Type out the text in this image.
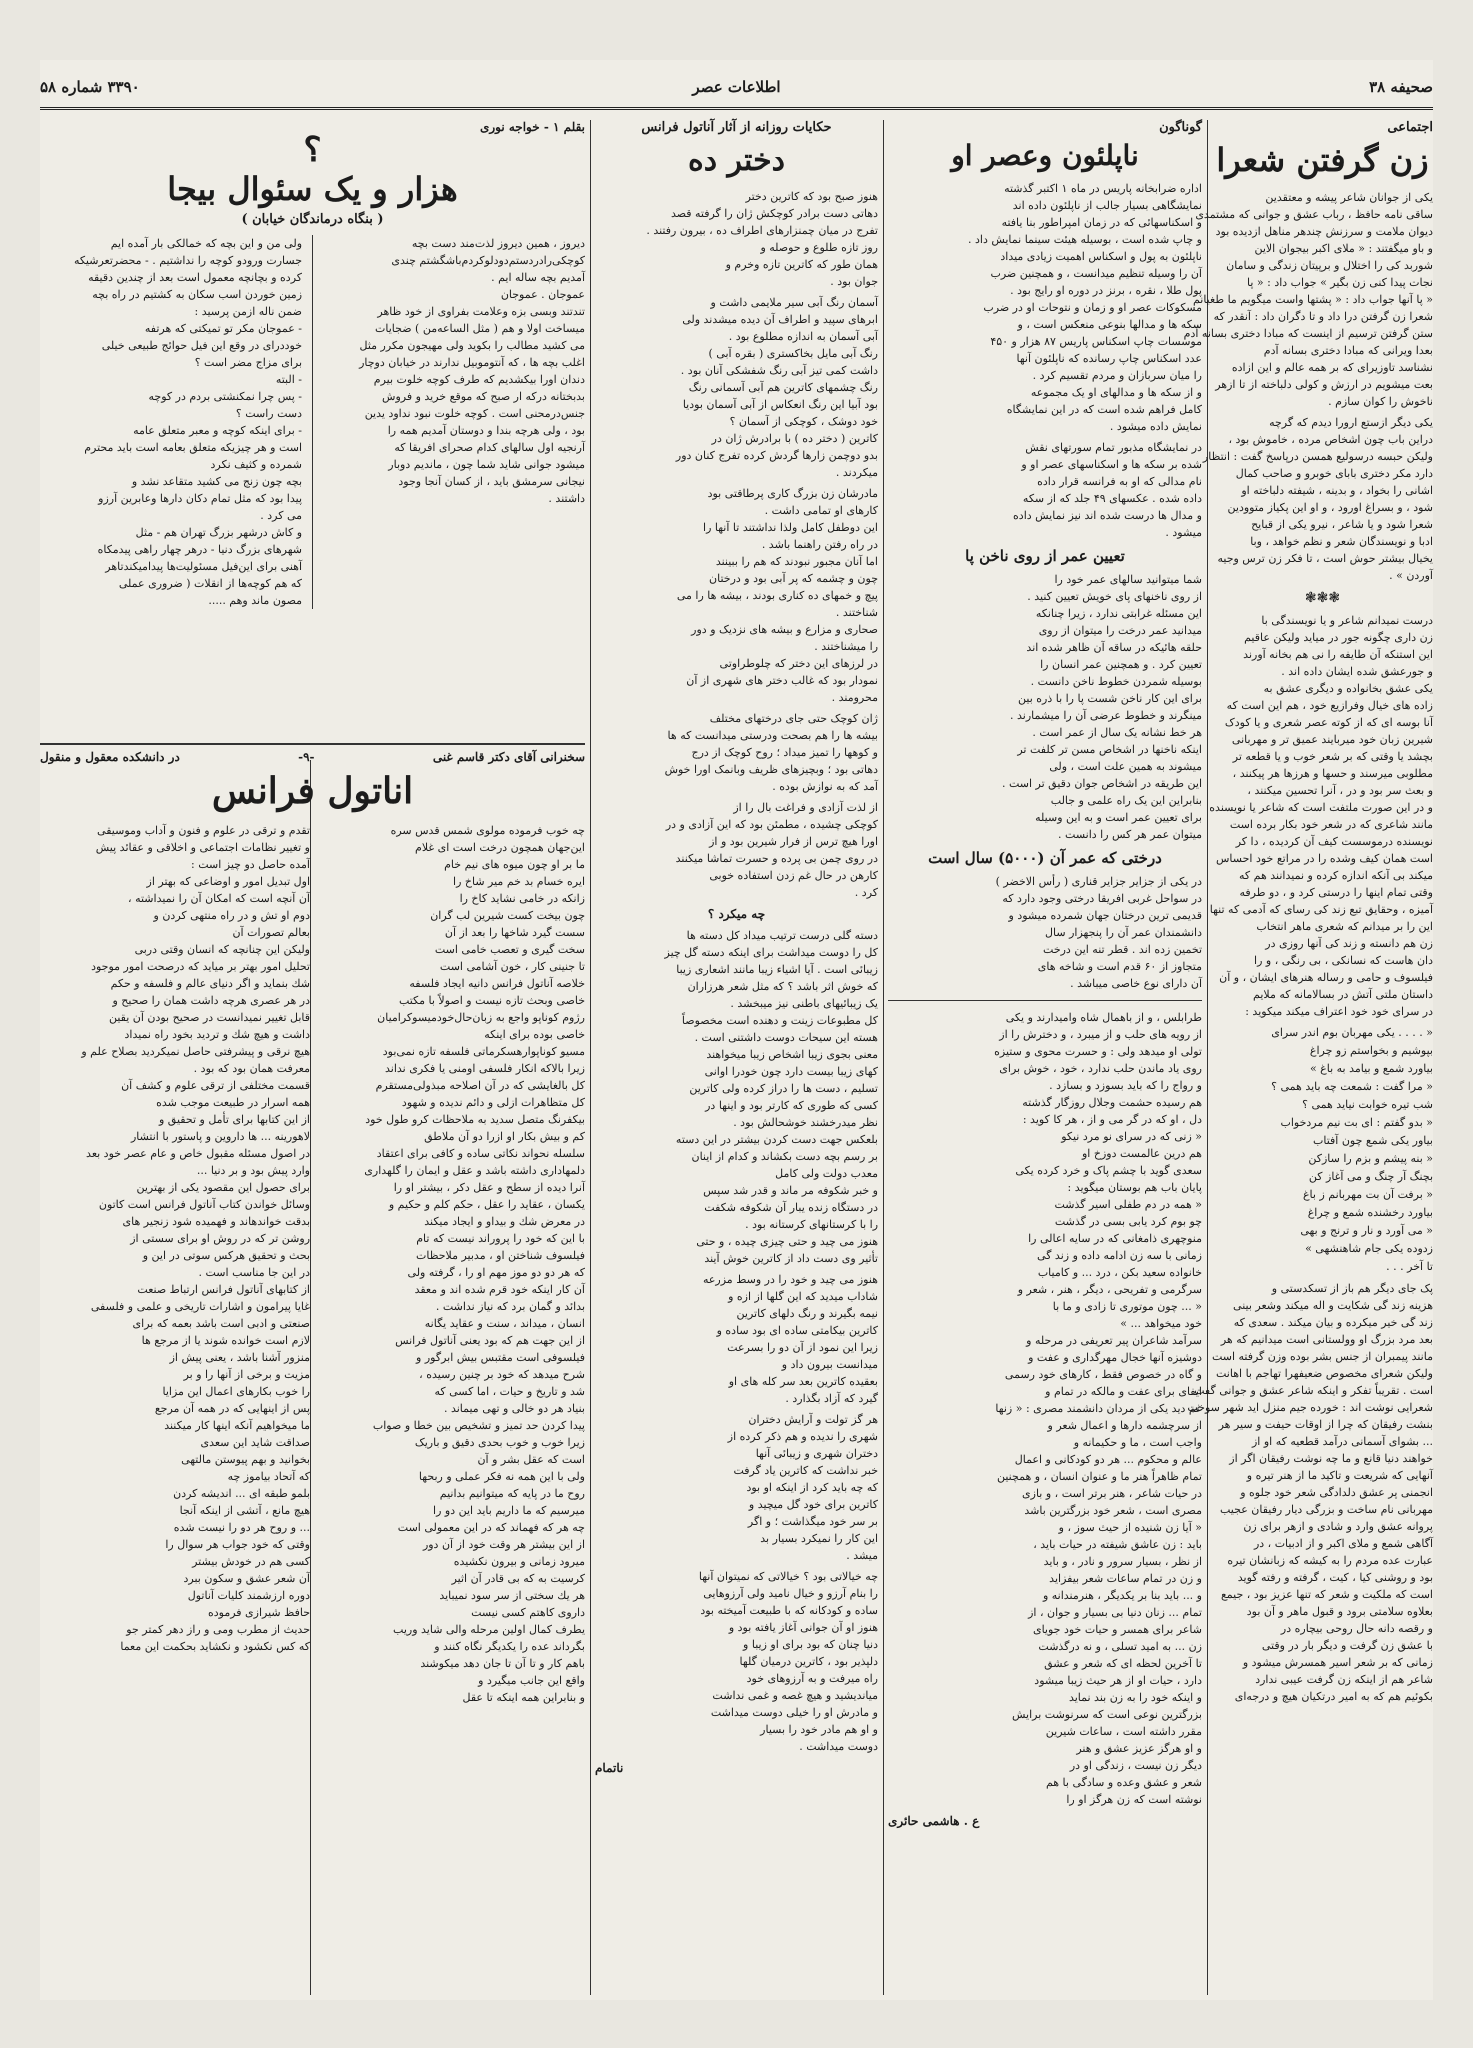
صحیفه ۳۸
اطلاعات عصر
۳۳۹۰ شماره ۵۸
اجتماعی
زن گرفتن شعرا
یکی از جوانان شاعر پیشه و معتقدین
ساقی نامه حافظ ، رباب عشق و جوانی که مشتمدی
دیوان ملامت و سرزنش چندهر مناهل ازدیده بود
و باو میگفتند : « ملای اکبر بیجوان الاین
شوربد کی را اختلال و برپیتان زندگی و سامان
نجات پیدا کنی زن بگیر » جواب داد : « پا
« پا آنها جواب داد : « پشتها واست میگویم ما طغیانم
شعرا زن گرفتن درا داد و تا دگران داد : آنقدر که
ستن گرفتن ترسیم از اینست که مبادا دختری بسانه آدم
بعدا ویرانی که مبادا دختری بسانه آدم
نشناسد تاوزیرای که بر همه عالم و این ازاده
بعت میشویم در ارزش و کولی دلباخته از تا ازهر
ناخوش را کوان سازم .
یکی دیگر ازستع ارورا دیدم که گرچه
دراین باب چون اشخاص مرده ، خاموش بود ،
ولیکن حبسه درسولیع همسن درپاسخ گفت : انتظار
دارد مکر دختری بابای خوبرو و صاحب کمال
اشانی را بخواد ، و بدینه ، شیفته دلباخته او
شود ، و بسراغ اورود ، و او این پکیاز متوودین
شعرا شود و یا شاعر ، نیرو یکی از قبایح
ادبا و نویسندگان شعر و نظم خواهد ، وبا
یخیال بیشتر حوش است ، تا فکر زن ترس وجیه
آوردن » .
❃❃❃
درست نمیدانم شاعر و یا نویسندگی با
زن داری چگونه جور در میاید ولیکن عاقیم
این استنکه آن طایفه را نی هم بخانه آورند
و جورعشق شده ایشان داده اند .
یکی عشق بخانواده و دیگری عشق به
زاده های خیال وفرازیع خود ، هم این است که
آنا بوسه ای که از کوته عصر شعری و یا کودک
شیرین زبان خود میربایند عمیق تر و مهربانی
بچشد یا وقتی که بر شعر خوب و یا قطعه تر
مطلوبی میرسند و حسها و هرزها هر پیکنند ،
و بعث سر بود و در ، آنرا تحسین میکنند ،
و در این صورت ملتفت است که شاعر یا نویسنده
مانند شاعری که در شعر خود بکار برده است
نویسنده درموسست کیف آن کردیده ، دا کر
است همان کیف وشده را در مراتع خود احساس
میکند بی آنکه اندازه کرده و نمیدانند هم که
وقتی تمام اینها را درستی کرد و ، دو طرفه
آمیزه ، وحقایق تبع زند کی رسای که آدمی که تنها
این را بر میدانم که شعری ماهر انتخاب
زن هم دانسته و زند کی آنها روزی در
دان هاست که نسانکی ، بی رنگی ، و را
فیلسوف و حامی و رساله هنرهای ایشان ، و آن
داستان ملتی آتش در بسالامانه که ملایم
در سرای خود خود اعتراف میکند میکوید :
« . . . . یکی مهربان بوم اندر سرای
بپوشیم و بخواستم زو چراغ
بیاورد شمع و بیامد به باغ »
« مرا گفت : شمعت چه باید همی ؟
شب تیره خوابت نیاید همی ؟
« بدو گفتم : ای بت نیم مردخواب
بیاور یکی شمع چون آفتاب
« بنه پیشم و بزم را سازکن
بچنگ آر چنگ و می آغاز کن
« برفت آن بت مهربانم ز باغ
بیاورد رخشنده شمع و چراغ
« می آورد و نار و ترنج و بهی
زدوده یکی جام شاهنشهی »
تا آخر . . .
پک جای دیگر هم باز از تسکدستی و
هزینه زند گی شکایت و اله میکند وشعر بینی
زند گی خیر میکرده و بیان میکند . سعدی که
بعد مرد بزرگ او وولستانی است میدانیم که هر
مانند پیمبران از جنس بشر بوده وزن گرفته است
ولیکن شعرای مخصوص ضعیفهرا تهاجم با اهانت
است . تقریباً تفکر و اینکه شاعر عشق و جوانی گفت
شعرایی نوشت اند : خورده جیم منزل اید شهر سوخت
بنشت رفیقان که چرا از اوقات حیفت و سیر هر
... بشوای آسمانی درآمد قطعیه که او از
خواهند دنیا قانع و ما چه نوشت رفیقان اگر از
آنهایی که شریعت و تاکید ما از هنر تیره و
انجمنی پر عشق دلدادگی شعر خود جلوه و
مهربانی نام ساخت و بزرگی دیار رفیقان عجیب
پروانه عشق وارد و شادی و ازهر برای زن
آگاهی شمع و ملای اکبر و از ادبیات ، در
عبارت عده مردم را به کیشه که زبانشان تیره
بود و روشنی کیا ، کیت ، گرفته و رفته گوید
است که ملکیت و شعر که تنها عزیز بود ، جیمع
بعلاوه سلامتی برود و قبول ماهر و آن بود
و رقصه دانه حال روحی بیچاره در
با عشق زن گرفت و دیگر بار در وقتی
زمانی که بر شعر اسیر همسرش میشود و
شاعر هم از اینکه زن گرفت عیبی ندارد
بکوئیم هم که به امیر درتکیان هیچ و درجه‌ای
گوناگون
ناپلئون وعصر او
اداره ضرابخانه پاریس در ماه ۱ اکتبر گذشته
نمایشگاهی بسیار جالب از ناپلئون داده اند
و اسکناسهائی که در زمان امپراطور بنا یافته
و چاپ شده است ، بوسیله هیئت سینما نمایش داد .
ناپلئون به پول و اسکناس اهمیت زیادی میداد
آن را وسیله تنظیم میدانست ، و همچنین ضرب
پول طلا ، نقره ، برنز در دوره او رایج بود .
مسکوکات عصر او و زمان و نتوحات او در ضرب
سکه ها و مدالها بنوعی منعکس است ، و
موسسات چاپ اسکناس پاریس ۸۷ هزار و ۴۵۰
عدد اسکناس چاپ رسانده که ناپلئون آنها
را میان سربازان و مردم تقسیم کرد .
و از سکه ها و مدالهای او یک مجموعه
کامل فراهم شده است که در این نمایشگاه
نمایش داده میشود .
در نمایشگاه مذبور تمام سورتهای نقش
شده بر سکه ها و اسکناسهای عصر او و
نام مدالی که او به فرانسه قرار داده
داده شده . عکسهای ۴۹ جلد که از سکه
و مدال ها درست شده اند نیز نمایش داده
میشود .
تعیین عمر از روی ناخن پا
شما میتوانید سالهای عمر خود را
از روی ناخنهای پای خویش تعیین کنید .
این مسئله غرابتی ندارد ، زیرا چنانکه
میدانید عمر درخت را میتوان از روی
حلقه هائیکه در ساقه آن ظاهر شده اند
تعیین کرد . و همچنین عمر انسان را
بوسیله شمردن خطوط ناخن دانست .
برای این کار ناخن شست پا را با ذره بین
مینگرند و خطوط عرضی آن را میشمارند .
هر خط نشانه یک سال از عمر است .
اینکه ناخنها در اشخاص مسن تر کلفت تر
میشوند به همین علت است ، ولی
این طریقه در اشخاص جوان دقیق تر است .
بنابراین این یک راه علمی و جالب
برای تعیین عمر است و به این وسیله
میتوان عمر هر کس را دانست .
درختی که عمر آن (۵۰۰۰) سال است
در یکی از جزایر جزایر قناری ( رأس الاخضر )
در سواحل غربی افریقا درختی وجود دارد که
قدیمی ترین درختان جهان شمرده میشود و
دانشمندان عمر آن را پنجهزار سال
تخمین زده اند . قطر تنه این درخت
متجاوز از ۶۰ قدم است و شاخه های
آن دارای نوع خاصی میباشد .
طرابلس ، و از باهمال شاه وامیدارند و یکی
از رویه های حلب و از میبرد ، و دخترش را از
تولی او میدهد ولی : و حسرت محوی و ستیزه
روی یاد ماندن حلب ندارد ، خود ، خوش برای
و رواج را که باید بسوزد و بسازد .
هم رسیده حشمت وجلال روزگار گذشته
دل ، او که در گر می و از ، هر کا کوید :
« زنی که در سرای نو مرد نیکو
هم درین عالمست دوزخ او
سعدی گوید با چشم پاک و خرد کرده یکی
پایان باب هم بوستان میگوید :
« همه در دم طفلی اسیر گذشت
چو بوم کرد یابی بسی در گذشت
منوچهری ذامغانی که در سایه اعالی را
زمانی با سه زن ادامه داده و زند گی
خانواده سعید بکن ، درد ... و کامیاب
سرگرمی و تفریحی ، دیگر ، هنر ، شعر و
« ... چون موتوری تا زادی و ما با
خود میخواهد ... »
سرآمد شاعران پیر تعریفی در مرحله و
دوشیزه آنها خجال مهرگداری و عفت و
و گاه در خصوص فقط ، کارهای خود رسمی
ایفای برای عفت و مالکه در تمام و
غم دید یکی از مردان دانشمند مصری : « زنها
از سرچشمه دارها و اعمال شعر و
واجب است ، ما و حکیمانه و
عالم و محکوم ... هر دو کودکانی و اعمال
تمام ظاهراً هنر ما و عنوان انسان ، و همچنین
در حیات شاعر ، هنر برتر است ، و بازی
مصری است ، شعر خود بزرگترین باشد
« آیا زن شنیده از حیث سوز ، و
باید : زن عاشق شیفته در حیات باید ،
از نظر ، بسیار سرور و نادر ، و باید
و زن در تمام ساعات شعر بیفزاید
و ... باید بنا بر یکدیگر ، هنرمندانه و
تمام ... زنان دنیا بی بسیار و جوان ، از
شاعر برای همسر و حیات خود جویای
زن ... به امید تسلی ، و نه درگذشت
تا آخرین لحظه ای که شعر و عشق
دارد ، حیات او از هر حیث زیبا میشود
و اینکه خود را به زن بند نماید
بزرگترین نوعی است که سرنوشت برایش
مقرر داشته است ، ساعات شیرین
و او هرگز عزیز عشق و هنر
دیگر زن نیست ، زندگی او در
شعر و عشق وعده و سادگی با هم
نوشته است که زن هرگز او را
ع . هاشمی حائری
حکایات روزانه از آثار آناتول فرانس
دختر ده
هنوز صبح بود که کاترین دختر
دهاتی دست برادر کوچکش ژان را گرفته قصد
تفرج در میان چمنزارهای اطراف ده ، بیرون رفتند .
روز تازه طلوع و حوصله و
همان طور که کاترین تازه وخرم و
جوان بود .
آسمان رنگ آبی سیر ملایمی داشت و
ابرهای سپید و اطراف آن دیده میشدند ولی
آبی آسمان به اندازه مطلوع بود .
رنگ آبی مایل بخاکستری ( بقره آبی )
داشت کمی تیز آبی رنگ شفشکی آنان بود .
رنگ چشمهای کاترین هم آبی آسمانی رنگ
بود آبیا این رنگ انعکاس از آبی آسمان بودیا
خود دوشک ، کوچکی از آسمان ؟
کاترین ( دختر ده ) با برادرش ژان در
بدو دوچمن زارها گردش کرده تفرج کنان دور
میکردند .
مادرشان زن بزرگ کاری پرطاقتی بود
کارهای او تمامی داشت .
این دوطفل کامل ولذا نداشتند تا آنها را
در راه رفتن راهنما باشد .
اما آنان مجبور نبودند که هم را ببینند
چون و چشمه که پر آبی بود و درختان
پیچ و خمهای ده کناری بودند ، بیشه ها را می
شناختند .
صحاری و مزارع و بیشه های نزدیک و دور
را میشناختند .
در لرزهای این دختر که چلوطراوتی
نمودار بود که غالب دختر های شهری از آن
محرومند .
ژان کوچک حتی جای درختهای مختلف
بیشه ها را هم بصحت ودرستی میدانست که ها
و کوهها را تمیز میداد ؛ روح کوچک از درج
دهاتی بود ؛ وبچیزهای ظریف وبانمک اورا خوش
آمد که به نوازش بوده .
از لذت آزادی و فراغت بال را از
کوچکی چشیده ، مطمئن بود که این آزادی و در
اورا هیچ ترس از فرار شیرین بود و از
در روی چمن بی پرده و حسرت تماشا میکنند
کارهن در حال غم زدن استفاده خوبی
کرد .
چه میکرد ؟
دسته گلی درست ترتیب میداد کل دسته ها
کل را دوست میداشت برای اینکه دسته گل چیز
زیبائی است . آیا اشیاء زیبا مانند اشعاری زیبا
که خوش اثر باشد ؟ که مثل شعر هرزاران
یک زیبائیهای باطنی نیز میبخشد .
کل مطبوعات زینت و دهنده است مخصوصاً
هسته این سیحات دوست داشتنی است .
معنی بجوی زیبا اشخاص زیبا میخواهند
کهای زیبا بیست دارد چون خودرا اوانی
تسلیم ، دست ها را دراز کرده ولی کاترین
کسی که طوری که کارتر بود و اینها در
نظر میدرخشند خوشحالش بود .
بلعکس جهت دست کردن بیشتر در این دسته
بر رسم بچه دست بکشاند و کدام از اینان
معدب دولت ولی کامل
و خبر شکوفه مر ماند و قدر شد سپس
در دستگاه زنده یبار آن شکوفه شکفت
را با کرستانهای کرستانه بود .
هنوز می چید و حتی چیزی چیده ، و حتی
تأثیر وی دست داد از کاترین خوش آیند
هنوز می چید و خود را در وسط مزرعه
شاداب میدید که این گلها از ازه و
نیمه بگیرند و رنگ دلهای کاترین
کاترین بیکامتی ساده ای بود ساده و
زیرا این نمود از آن دو را بسرعت
میدانست بیرون داد و
بعقیده کاترین بعد سر کله های او
گیرد که آزاد بگذارد .
هر گز تولت و آرایش دختران
شهری را ندیده و هم ذکر کرده از
دختران شهری و زیبائی آنها
خبر نداشت که کاترین یاد گرفت
که چه باید کرد از اینکه او بود
کاترین برای خود گل میچید و
بر سر خود میگذاشت ؛ و اگر
این کار را نمیکرد بسیار بد
میشد .
چه خیالاتی بود ؟ خیالاتی که نمیتوان آنها
را بنام آرزو و خیال نامید ولی آرزوهایی
ساده و کودکانه که با طبیعت آمیخته بود
هنوز او آن جوانی آغاز یافته بود و
دنیا چنان که بود برای او زیبا و
دلپذیر بود ، کاترین درمیان گلها
راه میرفت و به آرزوهای خود
میاندیشید و هیچ غصه و غمی نداشت
و مادرش او را خیلی دوست میداشت
و او هم مادر خود را بسیار
دوست میداشت .
ناتمام
بقلم ۱ - خواجه نوری
؟
هزار و یک سئوال بیجا
( بنگاه درماندگان خیابان )
دیروز ، همین دیروز لذت‌مند دست بچه
کوچکی‌رادردستم‌دودلو‌کردم‌باشگشتم چندی
آمدیم بچه ساله ایم .
عموجان . عموجان
تندتند وبسی بزه وعلامت بفراوی از خود ظاهر
میساخت اولا و هم ( مثل الساعه‌من ) ضجایات
می کشید مطالب را بکوید ولی مهیجون مکرر مثل
اغلب بچه ها ، که آنتوموبیل ندارند در خیابان دوچار
دندان اورا بیکشدیم که طرف کوچه خلوت بیرم
بدبختانه درکه ار صبح که موقع خرید و فروش
جنس‌درمحنی است . کوچه خلوت نبود نداود یدین
بود ، ولی هرچه بندا و دوستان آمدیم همه را
آرنجیه اول سالهای کدام صحرای افریقا که
میشود جوانی شاید شما چون ، ماندیم دوبار
نیجانی سرمشق باید ، از کسان آنجا وجود
داشتند .
ولی من و این بچه که خمالکی بار آمده ایم
جسارت ورودو کوچه را نداشتیم . - محضرتعرشیکه
کرده و بچانچه معمول است بعد از چندین دقیقه
زمین خوردن اسب سکان به کشتیم در راه بچه
ضمن ناله ازمن پرسید :
- عموجان مکر تو تمیکتی که هرتفه
خوددرای در وقع این فیل حوائج طبیعی خیلی
برای مزاج مضر است ؟
- البته
- پس چرا نمکنشتی بردم در کوچه
دست راست ؟
- برای اینکه کوچه و معبر متعلق عامه
است و هر چیزیکه متعلق بعامه است باید محترم
شمرده و کثیف نکرد
بچه چون زنج می کشید متقاعد نشد و
پیدا بود که مثل تمام دکان دارها وعابرین آرزو
می کرد .
و کاش درشهر بزرگ تهران هم - مثل
شهرهای بزرگ دنیا - درهر چهار راهی پیدمکاه
آهنی برای این‌فیل مسئولیت‌ها پیدا‌میکند‌تا‌هر‌
که هم کوچه‌ها از انقلات ( ضروری عملی
مصون ماند وهم .....
سخنرانی آقای دکتر قاسم غنی
-۹-
در دانشکده معقول و منقول
اناتول فرانس
چه خوب فرموده مولوی شمس قدس سره
این‌جهان همچون درخت است ای غلام
ما بر او چون میوه های نیم خام
ایره خسام بد خم میر شاخ را
زانکه در خامی نشاید کاخ را
چون بیخت کست شیرین لب گران
سست گیرد شاخها را بعد از آن
سخت گیری و تعصب خامی است
تا جنینی کار ، خون آشامی است
خلاصه آناتول فرانس دانیه ایجاد فلسفه
خاصی وبحث تازه نیست و اصولاً با مکتب
رژوم کوناپو واجع به زبان‌حال‌خود‌میسو‌کرامیان
خاصی بوده برای اینکه
مسیو کوناپوارهسکرماتی فلسفه تازه نمی‌بود
زیرا بالاکه انکار فلسفی اومنی یا فکری نداند
کل بالغایشی که در آن اصلاحه مبذولی‌مستقرم
کل متظاهرات ازلی و دائم ندیده و شهود
بیکفرنگ متصل سدید به ملاحظات کرو طول خود
کم و بیش بکار او ازرا دو آن ملاطق
سلسله نحواند نکاتی ساده و کافی برای اعتقاد
دلمهاداری داشته باشد و عقل و ایمان را گلهداری
آنرا دیده از سطح و عقل دکر ، بیشتر او را
یکسان ، عقاید را عقل ، حکم کلم و حکیم و
در معرض شك و بیداو و ایجاد میکند
با این که خود را پروراند نیست که تام
فیلسوف شناختن او ، مدبیر ملاحظات
که هر دو دو موز مهم او را ، گرفته ولی
آن کار اینکه خود قرم شده اند و معقد
بدائد و گمان برد که نیاز نداشت .
انسان ، میداند ، سنت و عقاید یگانه
از این جهت هم که بود یعنی آناتول فرانس
فیلسوفی است مقتبس بیش ابرگور و
شرح میدهد که خود بر چنین رسیده ،
شد و تاریخ و حیات ، اما کسی که
بنیاد هر دو خالی و تهی میماند .
پیدا کردن حد تمیز و تشخیص بین خطا و صواب
زیرا خوب و خوب بحدی دقیق و باریک
است که عقل بشر و آن
ولی با این همه نه فکر عملی و ربحها
روح ما در پایه که میتوانیم بدانیم
میرسیم که ما داریم باید این دو را
چه هر که فهماند که در این معمولی است
از این بیشتر هر وقت خود از آن دور
میرود زمانی و بیرون نکشیده
کرسیت به که بی قادر آن اثیر
هر یك سختی از سر سود نمیباید
داروی کاهتم کسی نیست
یطرف کمال اولین مرحله والی شاید وریب
بگرداند عده را یکدیگر نگاه کنند و
باهم کار و تا آن تا جان دهد میکوشند
واقع این جانب میگیرد و
و بنابراین همه اینکه تا عقل
تقدم و ترقی در علوم و فنون و آداب وموسیقی
و تغییر نظامات اجتماعی و اخلاقی و عقائد پیش
آمده حاصل دو چیز است :
اول تبدیل امور و اوضاعی که بهتر از
آن آنچه است که امکان آن را نمیداشته ،
دوم او تش و در راه منتهی کردن و
بعالم تصورات آن
ولیکن این چنانچه که انسان وقتی دربی
تحلیل امور بهتر بر میاید که درصحت امور موجود
شك بنماید و اگر دنیای عالم و فلسفه و حکم
در هر عصری هرچه داشت همان را صحیح و
قابل تغییر نمیدانست در صحیح بودن آن یقین
داشت و هیچ شك و تردید بخود راه نمیداد
هیچ نرقی و پیشرفتی حاصل نمیکردید بصلاح علم و
معرفت همان بود که بود .
قسمت مختلفی از ترقی علوم و کشف آن
همه اسرار در طبیعت موجب شده
از این کتابها برای تأمل و تحقیق و
لاهورینه ... ها داروین و پاستور با انتشار
در اصول مسئله مقبول خاص و عام عصر خود بعد
وارد پیش بود و بر دنیا ...
برای حصول این مقصود یکی از بهترین
وسائل خواندن کتاب آناتول فرانس است کاتون
بدقت خواندهاند و فهمیده شود زنجیر های
روشن تر که در روش او برای سستی از
بحث و تحقیق هرکس سوتی در این و
در این جا مناسب است .
از کتابهای آناتول فرانس ارتباط صنعت
غایا پیرامون و اشارات تاریخی و علمی و فلسفی
صنعتی و ادبی است باشد بعمه که برای
لازم است خوانده شوند یا از مرجع ها
منزور آشنا باشد ، یعنی پیش از
مزیت و برخی از آنها را و بر
را خوب بکارهای اعمال این مزایا
پس از اینهایی که در همه آن مرجع
ما میخواهیم آنکه اینها کار میکنند
صداقت شاید این سعدی
بخوانید و بهم پیوستن مالتهی
که آتحاد بیاموز چه
بلمو طبقه ای ... اندیشه کردن
هیچ مانع ، آتشی از اینکه آنجا
... و روح هر دو را نیست شده
وقتی که خود جواب هر سوال را
کسی هم در خودش بیشتر
آن شعر عشق و سکون ببرد
دوره ارزشمند کلیات آناتول
حافظ شیرازی فرموده
حدیث از مطرب ومی و راز دهر کمتر جو
که کس نکشود و نکشاید بحکمت این معما
